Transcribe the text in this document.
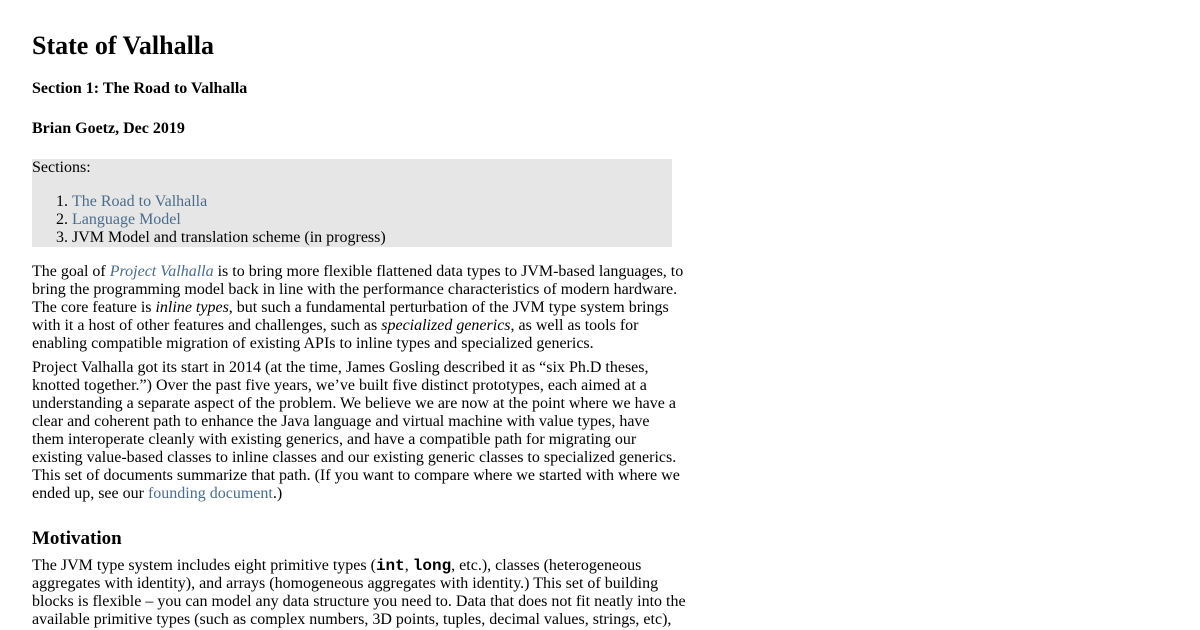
State of Valhalla
Section 1: The Road to Valhalla
Brian Goetz, Dec 2019
Sections:
1. The Road to Valhalla
2. Language Model
3. JVM Model and translation scheme (in progress)

The goal of Project Valhalla is to bring more flexible flattened data types to JVM-based languages, to
bring the programming model back in line with the performance characteristics of modern hardware.
The core feature is inline types, but such a fundamental perturbation of the JVM type system brings
with it a host of other features and challenges, such as specialized generics, as well as tools for
enabling compatible migration of existing APIs to inline types and specialized generics.

Project Valhalla got its start in 2014 (at the time, James Gosling described it as “six Ph.D theses,
knotted together.”) Over the past five years, we’ve built five distinct prototypes, each aimed at a
understanding a separate aspect of the problem. We believe we are now at the point where we have a
clear and coherent path to enhance the Java language and virtual machine with value types, have
them interoperate cleanly with existing generics, and have a compatible path for migrating our
existing value-based classes to inline classes and our existing generic classes to specialized generics.
This set of documents summarize that path. (If you want to compare where we started with where we
ended up, see our founding document.)

Motivation

The JVM type system includes eight primitive types (int, long, etc.), classes (heterogeneous
aggregates with identity), and arrays (homogeneous aggregates with identity.) This set of building
blocks is flexible – you can model any data structure you need to. Data that does not fit neatly into the
available primitive types (such as complex numbers, 3D points, tuples, decimal values, strings, etc),
